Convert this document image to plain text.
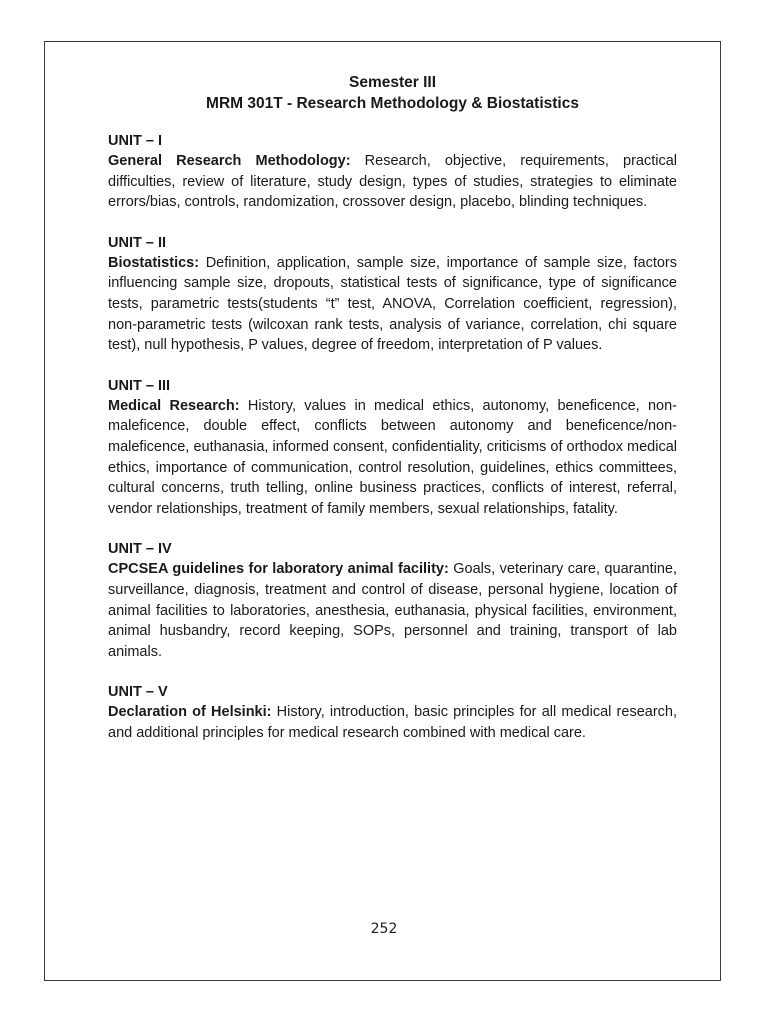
Semester III
MRM 301T - Research Methodology & Biostatistics
UNIT – I

General Research Methodology: Research, objective, requirements, practical difficulties, review of literature, study design, types of studies, strategies to eliminate errors/bias, controls, randomization, crossover design, placebo, blinding techniques.

UNIT – II

Biostatistics: Definition, application, sample size, importance of sample size, factors influencing sample size, dropouts, statistical tests of significance, type of significance tests, parametric tests(students “t” test, ANOVA, Correlation coefficient, regression), non-parametric tests (wilcoxan rank tests, analysis of variance, correlation, chi square test), null hypothesis, P values, degree of freedom, interpretation of P values.

UNIT – III

Medical Research: History, values in medical ethics, autonomy, beneficence, non-maleficence, double effect, conflicts between autonomy and beneficence/non-maleficence, euthanasia, informed consent, confidentiality, criticisms of orthodox medical ethics, importance of communication, control resolution, guidelines, ethics committees, cultural concerns, truth telling, online business practices, conflicts of interest, referral, vendor relationships, treatment of family members, sexual relationships, fatality.

UNIT – IV

CPCSEA guidelines for laboratory animal facility: Goals, veterinary care, quarantine, surveillance, diagnosis, treatment and control of disease, personal hygiene, location of animal facilities to laboratories, anesthesia, euthanasia, physical facilities, environment, animal husbandry, record keeping, SOPs, personnel and training, transport of lab animals.

UNIT – V

Declaration of Helsinki: History, introduction, basic principles for all medical research, and additional principles for medical research combined with medical care.

252
